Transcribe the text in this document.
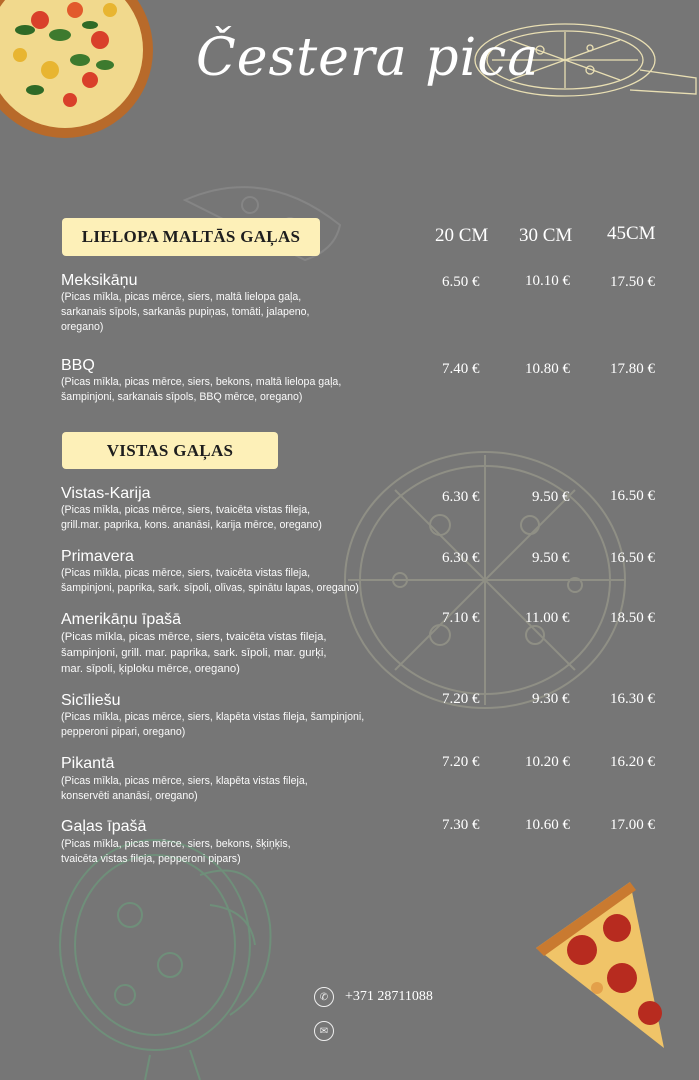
Čestera pica
20 CM 30 CM 45CM
LIELOPA MALTĀS GAĻAS
Meksikāņu
(Picas mīkla, picas mērce, siers, maltā lielopa gaļa,
sarkanais sīpols, sarkanās pupiņas, tomāti, jalapeno,
oregano)
6.50 €	10.10 €	17.50 €
BBQ
(Picas mīkla, picas mērce, siers, bekons, maltā lielopa gaļa,
šampinjoni, sarkanais sīpols, BBQ mērce, oregano)
7.40 €	10.80 €	17.80 €
VISTAS GAĻAS
Vistas-Karija
(Picas mīkla, picas mērce, siers, tvaicēta vistas fileja,
grill.mar. paprika, kons. ananāsi, karija mērce, oregano)
6.30 €	9.50 €	16.50 €
Primavera
(Picas mīkla, picas mērce, siers, tvaicēta vistas fileja,
šampinjoni, paprika, sark. sīpoli, olīvas, spinātu lapas, oregano)
6.30 €	9.50 €	16.50 €
Amerikāņu īpašā
(Picas mīkla, picas mērce, siers, tvaicēta vistas fileja,
šampinjoni, grill. mar. paprika, sark. sīpoli, mar. gurķi,
mar. sīpoli, ķiploku mērce, oregano)
7.10 €	11.00 €	18.50 €
Sicīliešu
(Picas mīkla, picas mērce, siers, klapēta vistas fileja, šampinjoni,
pepperoni pipari, oregano)
7.20 €	9.30 €	16.30 €
Pikantā
(Picas mīkla, picas mērce, siers, klapēta vistas fileja,
konservēti ananāsi, oregano)
7.20 €	10.20 €	16.20 €
Gaļas īpašā
(Picas mīkla, picas mērce, siers, bekons, šķiņķis,
tvaicēta vistas fileja, pepperoni pipars)
7.30 €	10.60 €	17.00 €
✆	+371 28711088
✉
